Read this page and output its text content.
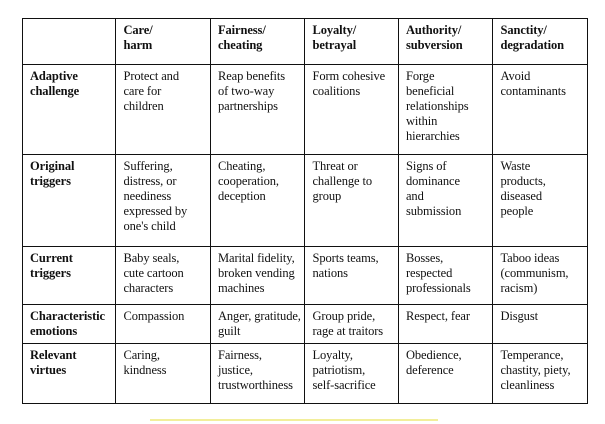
	Care/
harm	Fairness/
cheating	Loyalty/
betrayal	Authority/
subversion	Sanctity/
degradation

Adaptive
challenge	Protect and
care for
children	Reap benefits
of two-way
partnerships	Form cohesive
coalitions	Forge
beneficial
relationships
within
hierarchies	Avoid
contaminants

Original
triggers	Suffering,
distress, or
neediness
expressed by
one's child	Cheating,
cooperation,
deception	Threat or
challenge to
group	Signs of
dominance
and
submission	Waste
products,
diseased
people

Current
triggers	Baby seals,
cute cartoon
characters	Marital fidelity,
broken vending
machines	Sports teams,
nations	Bosses,
respected
professionals	Taboo ideas
(communism,
racism)

Characteristic
emotions	Compassion	Anger, gratitude,
guilt	Group pride,
rage at traitors	Respect, fear	Disgust

Relevant
virtues	Caring,
kindness	Fairness,
justice,
trustworthiness	Loyalty,
patriotism,
self-sacrifice	Obedience,
deference	Temperance,
chastity, piety,
cleanliness
